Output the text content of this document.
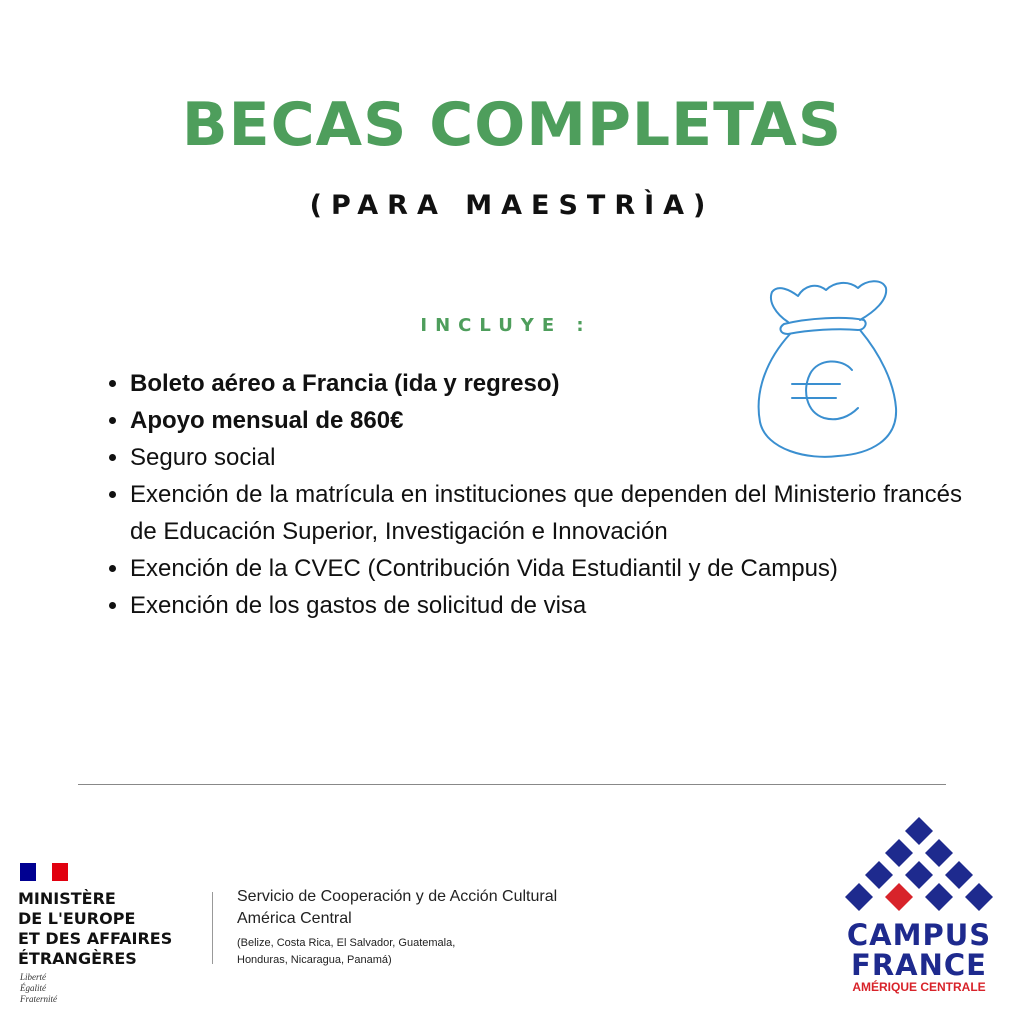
BECAS COMPLETAS
(PARA MAESTRÌA)
INCLUYE :
• Boleto aéreo a Francia (ida y regreso)
• Apoyo mensual de 860€
• Seguro social
• Exención de la matrícula en instituciones que dependen del Ministerio francés de Educación Superior, Investigación e Innovación
• Exención de la CVEC (Contribución Vida Estudiantil y de Campus)
• Exención de los gastos de solicitud de visa
MINISTÈRE
DE L'EUROPE
ET DES AFFAIRES
ÉTRANGÈRES
Liberté
Égalité
Fraternité
Servicio de Cooperación y de Acción Cultural
América Central
(Belize, Costa Rica, El Salvador, Guatemala,
Honduras, Nicaragua, Panamá)
CAMPUS
FRANCE
AMÉRIQUE CENTRALE
